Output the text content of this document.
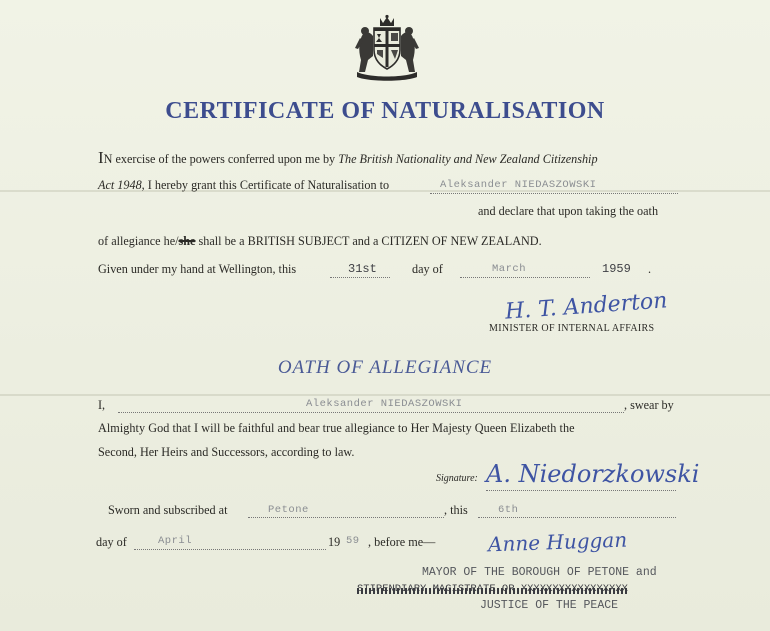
CERTIFICATE OF NATURALISATION
IN exercise of the powers conferred upon me by The British Nationality and New Zealand Citizenship
Act 1948, I hereby grant this Certificate of Naturalisation to	Aleksander NIEDASZOWSKI
and declare that upon taking the oath
of allegiance he/she shall be a BRITISH SUBJECT and a CITIZEN OF NEW ZEALAND.
Given under my hand at Wellington, this	31st	day of	March	1959 .
H. T. Anderton
MINISTER OF INTERNAL AFFAIRS
OATH OF ALLEGIANCE
I,	Aleksander NIEDASZOWSKI	, swear by
Almighty God that I will be faithful and bear true allegiance to Her Majesty Queen Elizabeth the
Second, Her Heirs and Successors, according to law.
Signature: A. Niedorzkowski
Sworn and subscribed at	Petone	, this	6th
day of	April	19 59 , before me—	Anne Huggan
MAYOR OF THE BOROUGH OF PETONE and
STIPENDIARY MAGISTRATE OR XXXXXXXXXXXXXXXXX
JUSTICE OF THE PEACE
